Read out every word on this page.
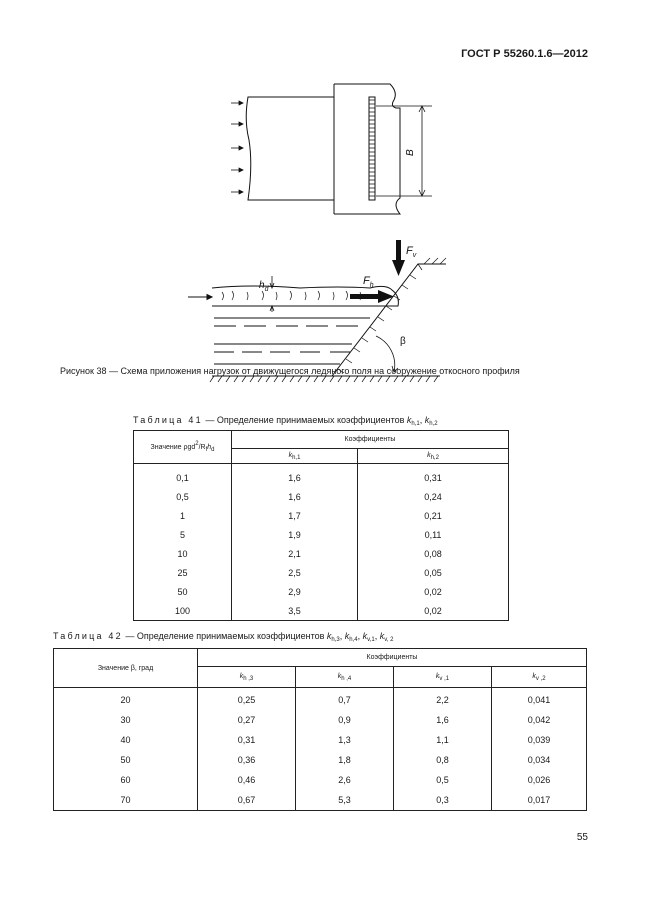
ГОСТ Р 55260.1.6—2012
B
$F_v$
$F_h$
$h_d$
β
Рисунок 38 — Схема приложения нагрузок от движущегося ледяного поля на сооружение откосного профиля
Таблица 41 — Определение принимаемых коэффициентов $k_{h,1}$, $k_{h,2}$
Значение ρgd2/Rfhd	Коэффициенты	
	kh,1	kh,2
0,1	1,6	0,31
0,5	1,6	0,24
1	1,7	0,21
5	1,9	0,11
10	2,1	0,08
25	2,5	0,05
50	2,9	0,02
100	3,5	0,02
Таблица 42 — Определение принимаемых коэффициентов $k_{h,3}$, $k_{h,4}$, $k_{v,1}$, $k_{v, 2}$
Значение β, град	Коэффициенты			
	kh ,3	kh ,4	kv ,1	kv ,2
20	0,25	0,7	2,2	0,041
30	0,27	0,9	1,6	0,042
40	0,31	1,3	1,1	0,039
50	0,36	1,8	0,8	0,034
60	0,46	2,6	0,5	0,026
70	0,67	5,3	0,3	0,017
55
